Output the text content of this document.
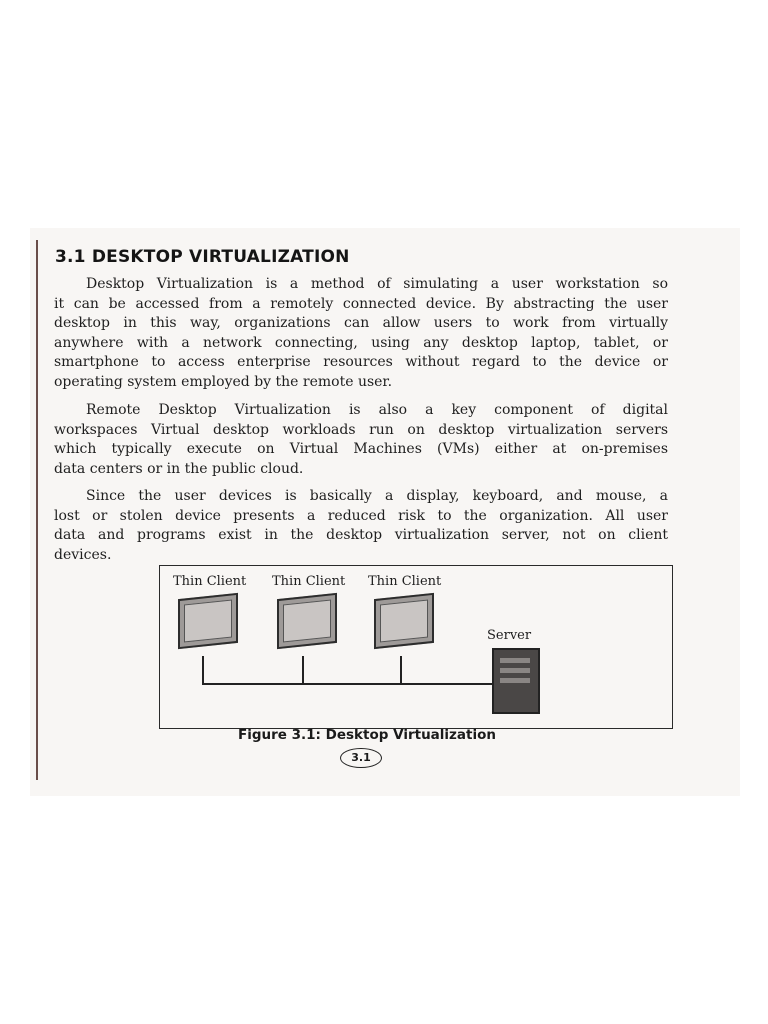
3.1 DESKTOP VIRTUALIZATION
Desktop Virtualization is a method of simulating a user workstation so
it can be accessed from a remotely connected device. By abstracting the user
desktop in this way, organizations can allow users to work from virtually
anywhere with a network connecting, using any desktop laptop, tablet, or
smartphone to access enterprise resources without regard to the device or
operating system employed by the remote user.
Remote Desktop Virtualization is also a key component of digital
workspaces Virtual desktop workloads run on desktop virtualization servers
which typically execute on Virtual Machines (VMs) either at on-premises
data centers or in the public cloud.
Since the user devices is basically a display, keyboard, and mouse, a
lost or stolen device presents a reduced risk to the organization. All user
data and programs exist in the desktop virtualization server, not on client
devices.
Thin Client Thin Client Thin Client
Server
Figure 3.1: Desktop Virtualization
3.1
